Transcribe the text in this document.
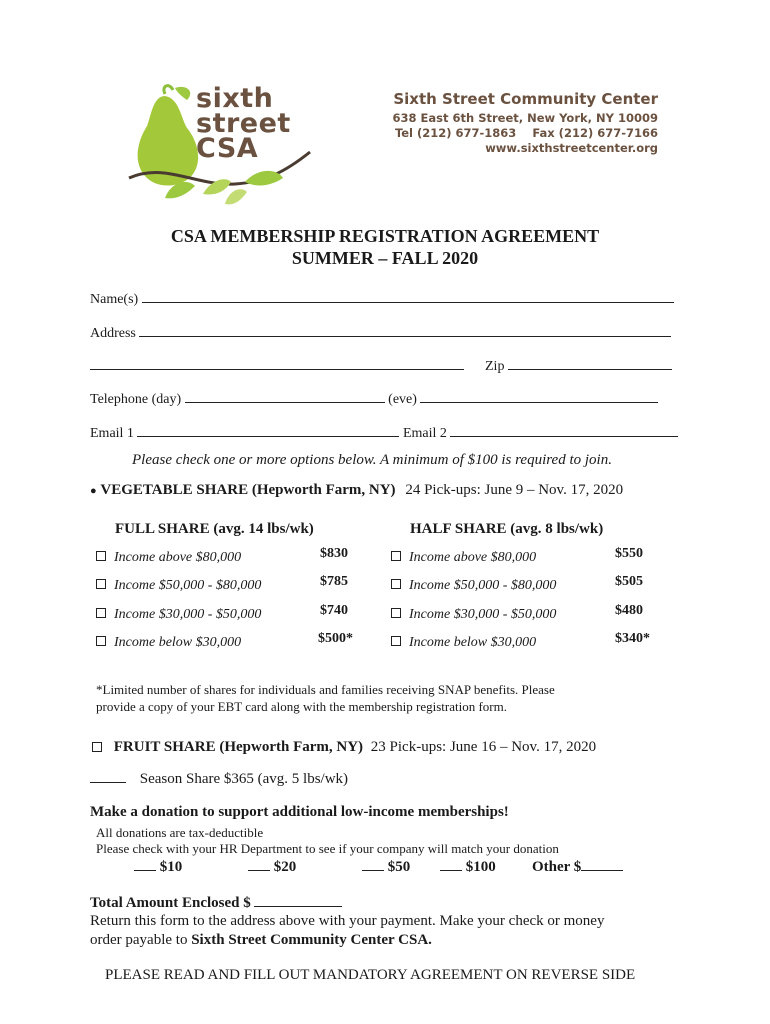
sixth
street
CSA
Sixth Street Community Center
638 East 6th Street, New York, NY 10009
Tel (212) 677-1863    Fax (212) 677-7166
www.sixthstreetcenter.org
CSA MEMBERSHIP REGISTRATION AGREEMENT
SUMMER – FALL 2020
Name(s)
Address
Zip
Telephone (day)	(eve)
Email 1	Email 2
Please check one or more options below. A minimum of $100 is required to join.
● VEGETABLE SHARE (Hepworth Farm, NY) 24 Pick-ups: June 9 – Nov. 17, 2020
FULL SHARE (avg. 14 lbs/wk)	HALF SHARE (avg. 8 lbs/wk)
Income above $80,000	$830
Income $50,000 - $80,000	$785
Income $30,000 - $50,000	$740
Income below $30,000	$500*
Income above $80,000	$550
Income $50,000 - $80,000	$505
Income $30,000 - $50,000	$480
Income below $30,000	$340*
*Limited number of shares for individuals and families receiving SNAP benefits. Please
provide a copy of your EBT card along with the membership registration form.
FRUIT SHARE (Hepworth Farm, NY) 23 Pick-ups: June 16 – Nov. 17, 2020
Season Share $365 (avg. 5 lbs/wk)
Make a donation to support additional low-income memberships!
All donations are tax-deductible
Please check with your HR Department to see if your company will match your donation
$10	$20	$50	$100 Other $
Total Amount Enclosed $
Return this form to the address above with your payment. Make your check or money
order payable to Sixth Street Community Center CSA.
PLEASE READ AND FILL OUT MANDATORY AGREEMENT ON REVERSE SIDE
